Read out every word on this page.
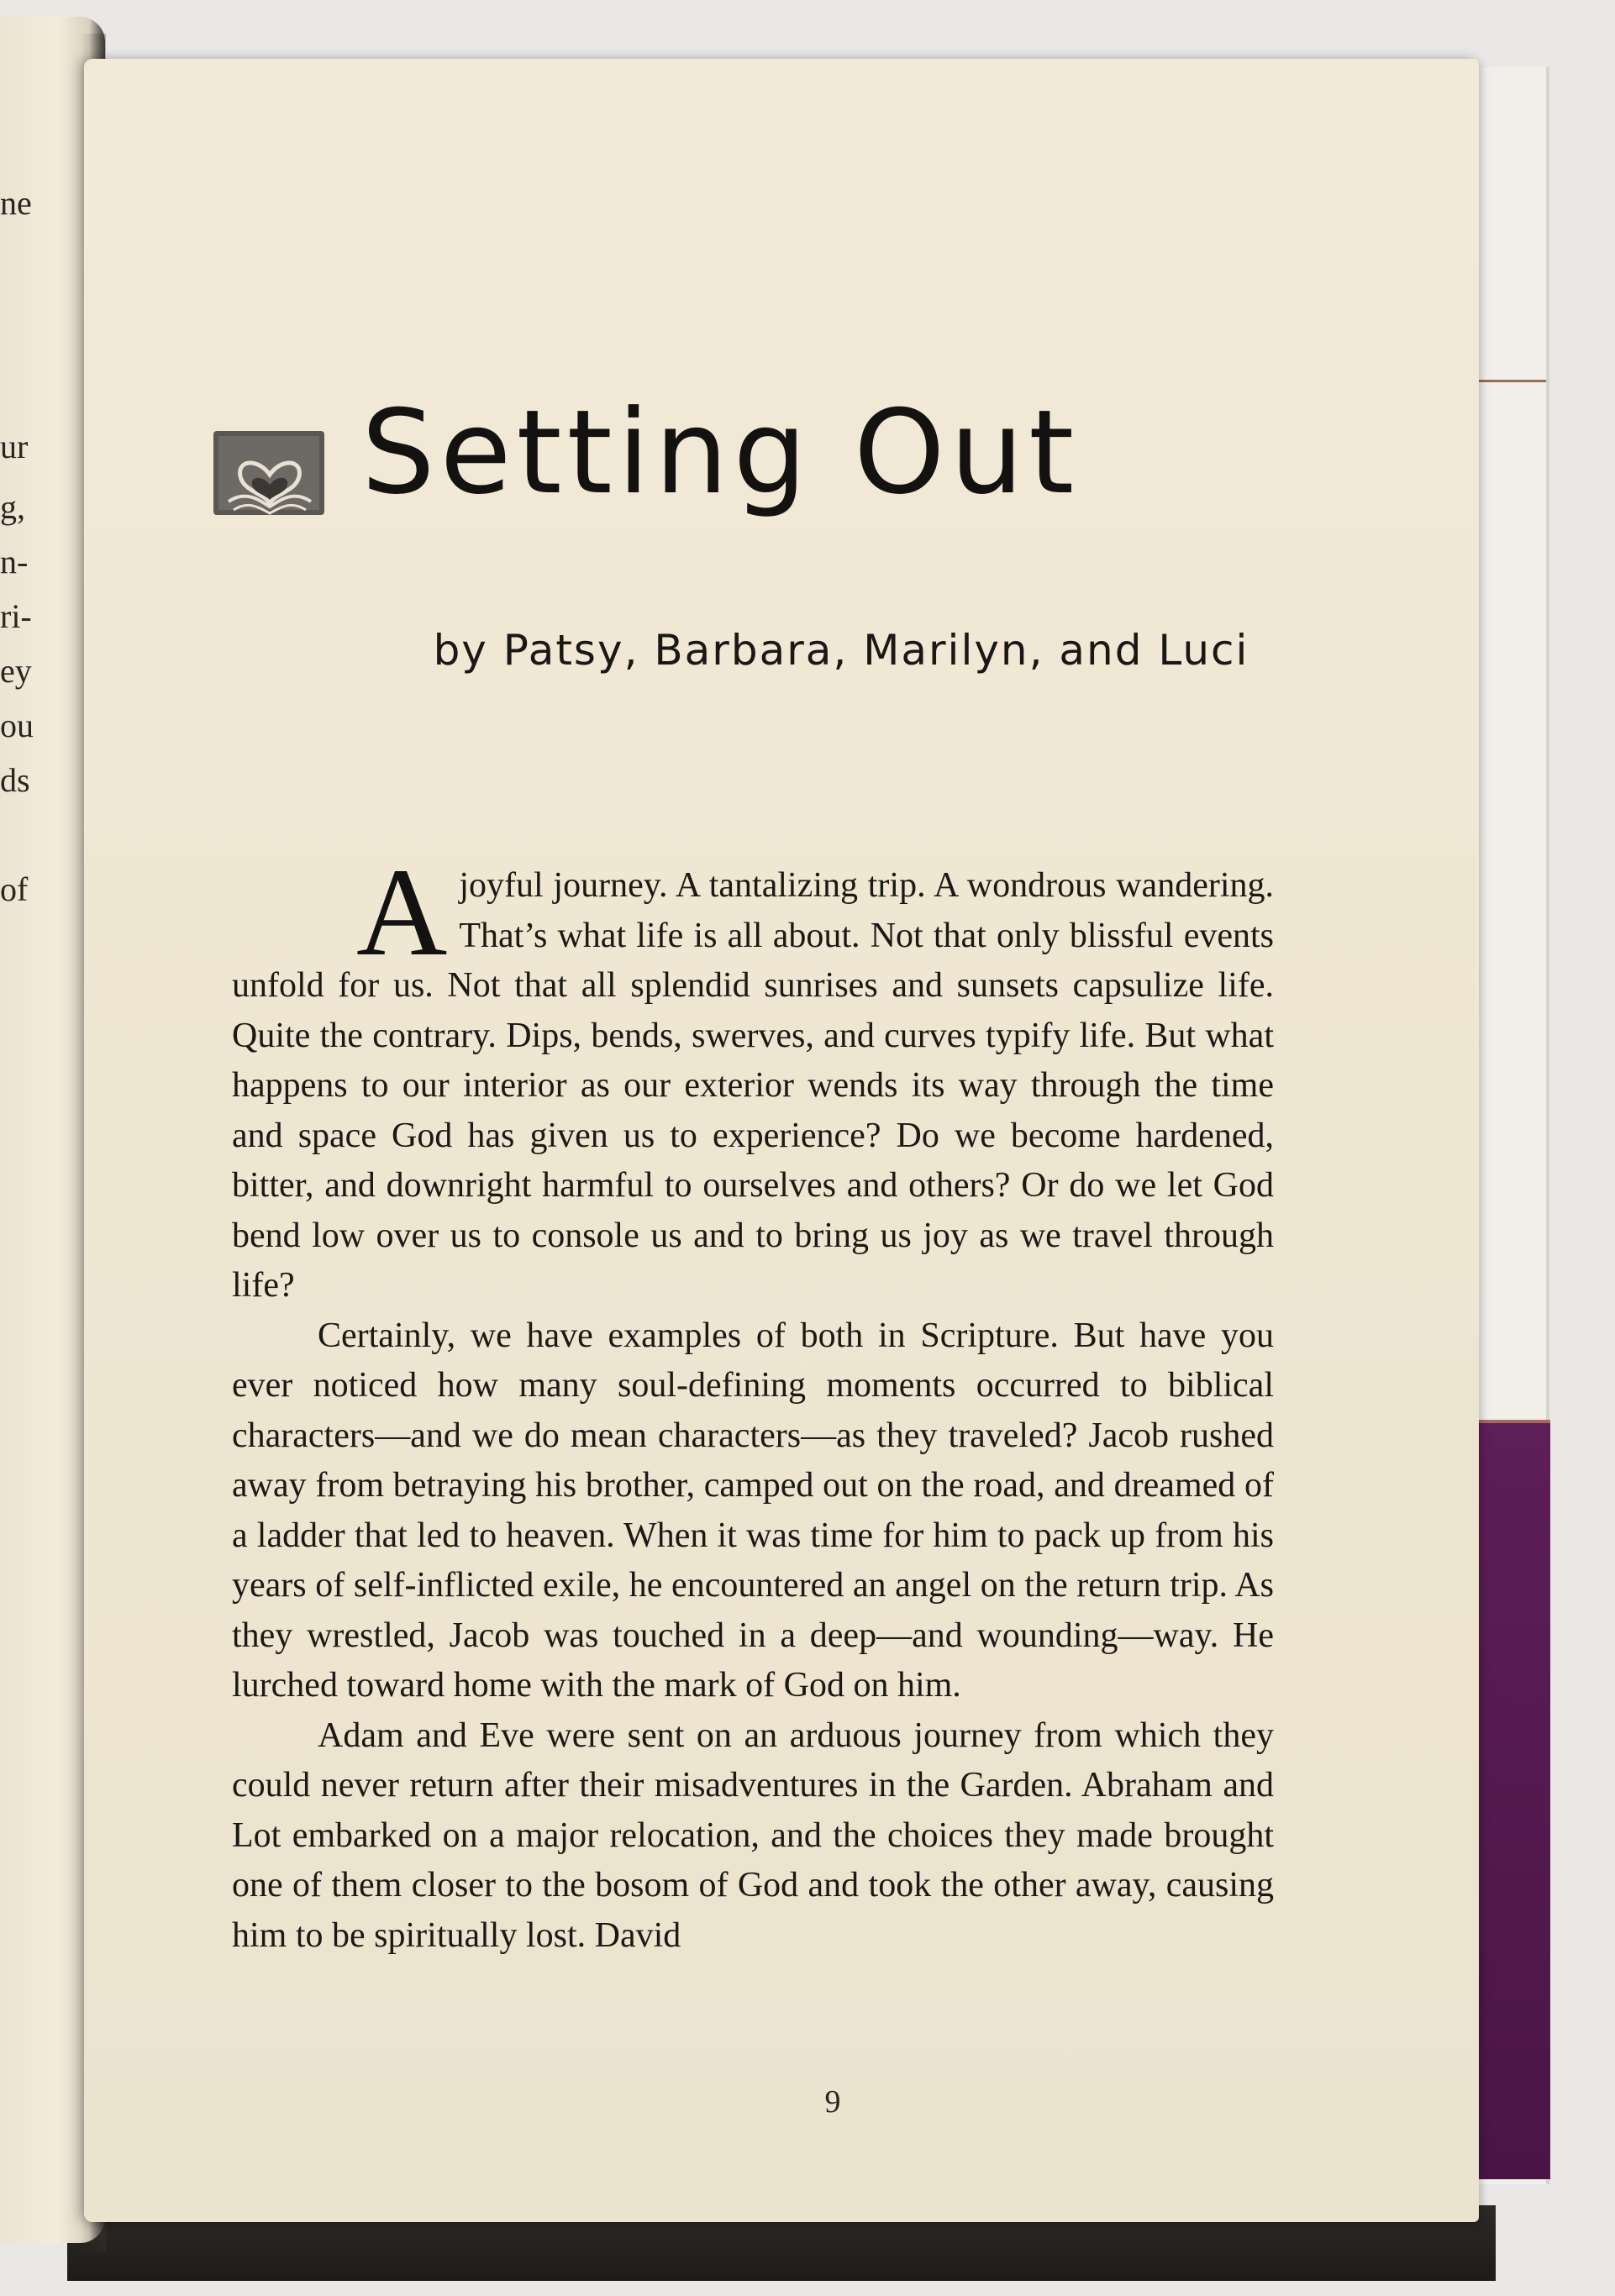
ne
ur
g,
n-
ri-
ey
ou
ds
of
Setting Out
by Patsy, Barbara, Marilyn, and Luci

Ajoyful journey. A tantalizing trip. A wondrous wandering. That’s what life is all about. Not that only blissful events unfold for us. Not that all splendid sunrises and sunsets capsulize life. Quite the contrary. Dips, bends, swerves, and curves typify life. But what happens to our interior as our exterior wends its way through the time and space God has given us to experience? Do we become hardened, bitter, and downright harmful to ourselves and others? Or do we let God bend low over us to console us and to bring us joy as we travel through life?

Certainly, we have examples of both in Scripture. But have you ever noticed how many soul-defining moments occurred to biblical characters—and we do mean characters—as they traveled? Jacob rushed away from betraying his brother, camped out on the road, and dreamed of a ladder that led to heaven. When it was time for him to pack up from his years of self-inflicted exile, he encountered an angel on the return trip. As they wrestled, Jacob was touched in a deep—and wounding—way. He lurched toward home with the mark of God on him.

Adam and Eve were sent on an arduous journey from which they could never return after their misadventures in the Garden. Abraham and Lot embarked on a major relocation, and the choices they made brought one of them closer to the bosom of God and took the other away, causing him to be spiritually lost. David

9
